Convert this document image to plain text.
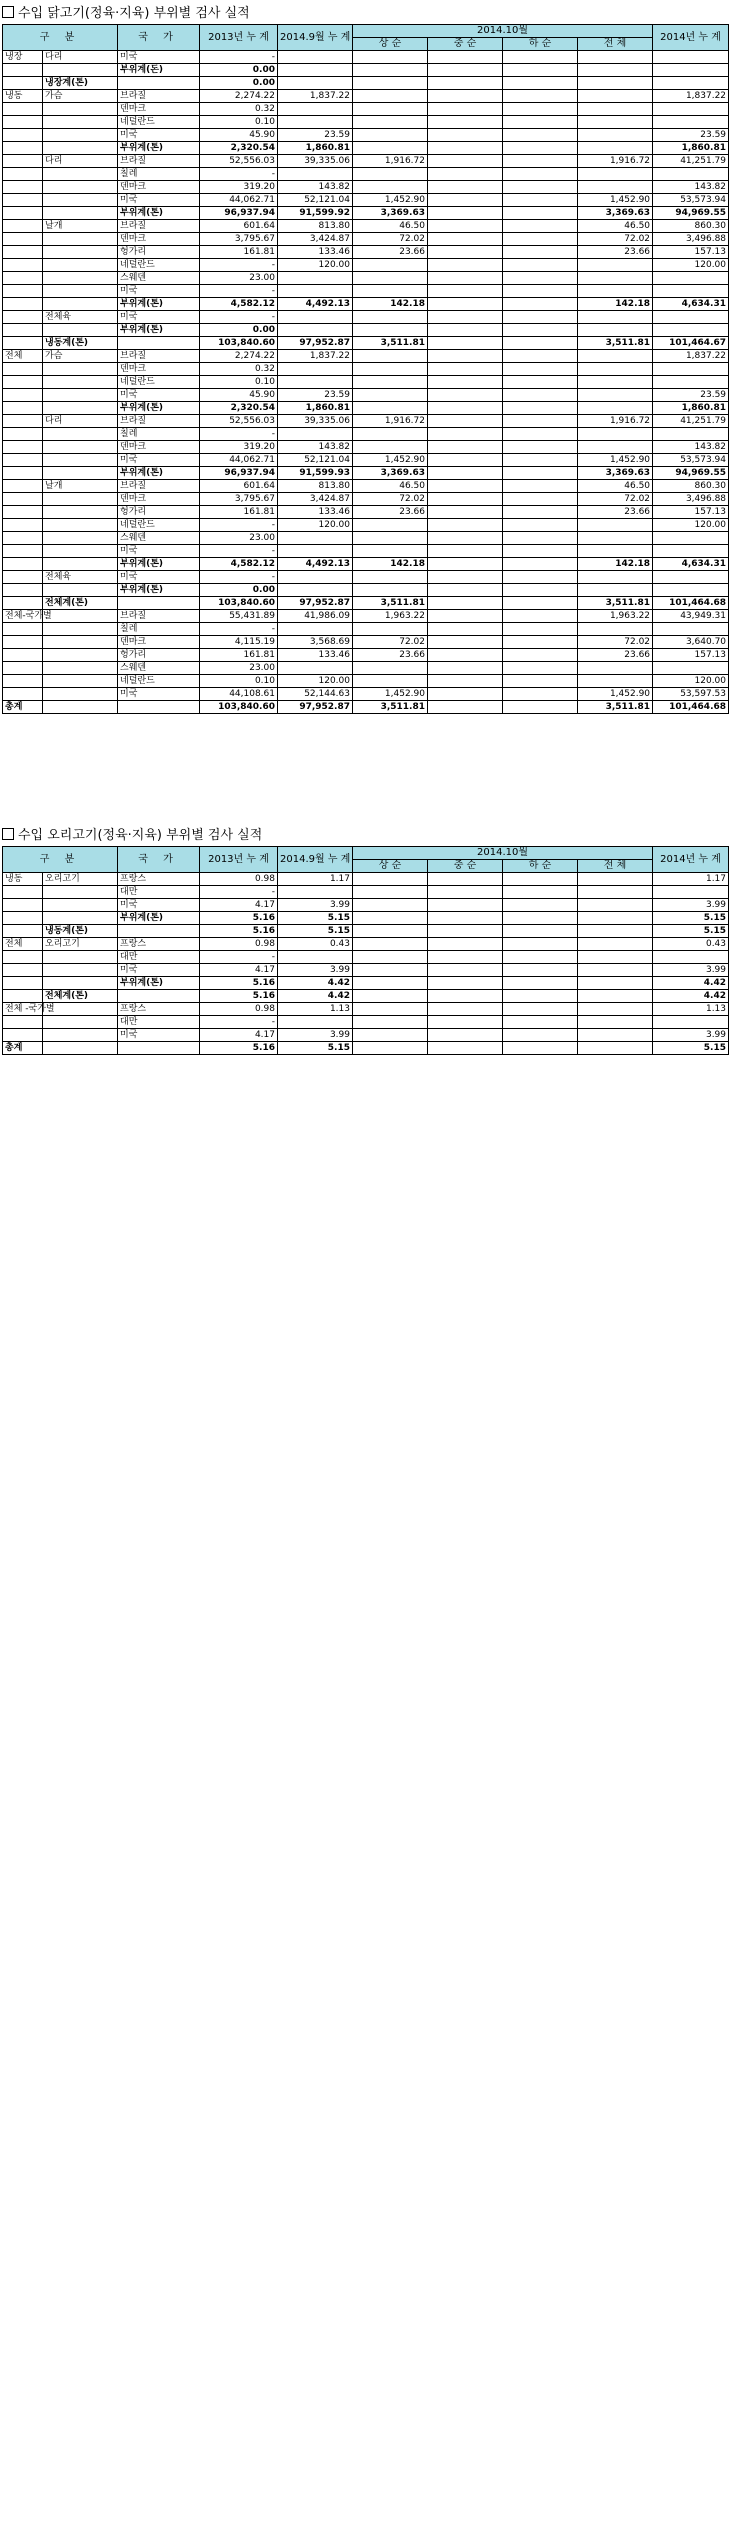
수입 닭고기(정육·지육) 부위별 검사 실적
구 분		국 가	2013년 누 계	2014.9월 누 계	2014.10월				2014년 누 계
					상 순	중 순	하 순	전 체	
냉장	다리	미국	-						
		부위계(돈)	0.00						
	냉장계(톤)		0.00						
냉동	가슴	브라질	2,274.22	1,837.22					1,837.22
		덴마크	0.32						
		네덜란드	0.10						
		미국	45.90	23.59					23.59
		부위계(톤)	2,320.54	1,860.81					1,860.81
	다리	브라질	52,556.03	39,335.06	1,916.72			1,916.72	41,251.79
		칠레	-						
		덴마크	319.20	143.82					143.82
		미국	44,062.71	52,121.04	1,452.90			1,452.90	53,573.94
		부위계(톤)	96,937.94	91,599.92	3,369.63			3,369.63	94,969.55
	날개	브라질	601.64	813.80	46.50			46.50	860.30
		덴마크	3,795.67	3,424.87	72.02			72.02	3,496.88
		헝가리	161.81	133.46	23.66			23.66	157.13
		네덜란드	-	120.00					120.00
		스웨덴	23.00						
		미국	-						
		부위계(톤)	4,582.12	4,492.13	142.18			142.18	4,634.31
	전체육	미국	-						
		부위계(톤)	0.00						
	냉동계(톤)		103,840.60	97,952.87	3,511.81			3,511.81	101,464.67
전체	가슴	브라질	2,274.22	1,837.22					1,837.22
		덴마크	0.32						
		네덜란드	0.10						
		미국	45.90	23.59					23.59
		부위계(톤)	2,320.54	1,860.81					1,860.81
	다리	브라질	52,556.03	39,335.06	1,916.72			1,916.72	41,251.79
		칠레	-						
		덴마크	319.20	143.82					143.82
		미국	44,062.71	52,121.04	1,452.90			1,452.90	53,573.94
		부위계(톤)	96,937.94	91,599.93	3,369.63			3,369.63	94,969.55
	날개	브라질	601.64	813.80	46.50			46.50	860.30
		덴마크	3,795.67	3,424.87	72.02			72.02	3,496.88
		헝가리	161.81	133.46	23.66			23.66	157.13
		네덜란드	-	120.00					120.00
		스웨덴	23.00						
		미국	-						
		부위계(톤)	4,582.12	4,492.13	142.18			142.18	4,634.31
	전체육	미국	-						
		부위계(톤)	0.00						
	전체계(톤)		103,840.60	97,952.87	3,511.81			3,511.81	101,464.68
전체-국가별		브라질	55,431.89	41,986.09	1,963.22			1,963.22	43,949.31
		칠레	-						
		덴마크	4,115.19	3,568.69	72.02			72.02	3,640.70
		헝가리	161.81	133.46	23.66			23.66	157.13
		스웨덴	23.00						
		네덜란드	0.10	120.00					120.00
		미국	44,108.61	52,144.63	1,452.90			1,452.90	53,597.53
총계			103,840.60	97,952.87	3,511.81			3,511.81	101,464.68
수입 오리고기(정육·지육) 부위별 검사 실적
구 분		국 가	2013년 누 계	2014.9월 누 계	2014.10월				2014년 누 계
					상 순	중 순	하 순	전 체	
냉동	오리고기	프랑스	0.98	1.17					1.17
		대만	-						
		미국	4.17	3.99					3.99
		부위계(톤)	5.16	5.15					5.15
	냉동계(톤)		5.16	5.15					5.15
전체	오리고기	프랑스	0.98	0.43					0.43
		대만	-						
		미국	4.17	3.99					3.99
		부위계(톤)	5.16	4.42					4.42
	전체계(톤)		5.16	4.42					4.42
전체 -국가별		프랑스	0.98	1.13					1.13
		대만	-						
		미국	4.17	3.99					3.99
총계			5.16	5.15					5.15
